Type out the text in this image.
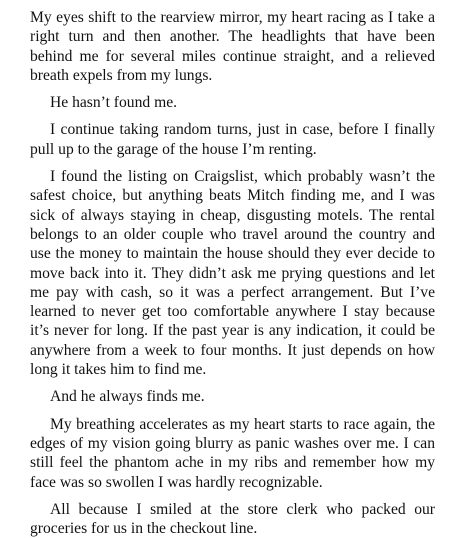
My eyes shift to the rearview mirror, my heart racing as I take a right turn and then another. The headlights that have been behind me for several miles continue straight, and a relieved breath expels from my lungs.

He hasn’t found me.

I continue taking random turns, just in case, before I finally pull up to the garage of the house I’m renting.

I found the listing on Craigslist, which probably wasn’t the safest choice, but anything beats Mitch finding me, and I was sick of always staying in cheap, disgusting motels. The rental belongs to an older couple who travel around the country and use the money to maintain the house should they ever decide to move back into it. They didn’t ask me prying questions and let me pay with cash, so it was a perfect arrangement. But I’ve learned to never get too comfortable anywhere I stay because it’s never for long. If the past year is any indication, it could be anywhere from a week to four months. It just depends on how long it takes him to find me.

And he always finds me.

My breathing accelerates as my heart starts to race again, the edges of my vision going blurry as panic washes over me. I can still feel the phantom ache in my ribs and remember how my face was so swollen I was hardly recognizable.

All because I smiled at the store clerk who packed our groceries for us in the checkout line.
